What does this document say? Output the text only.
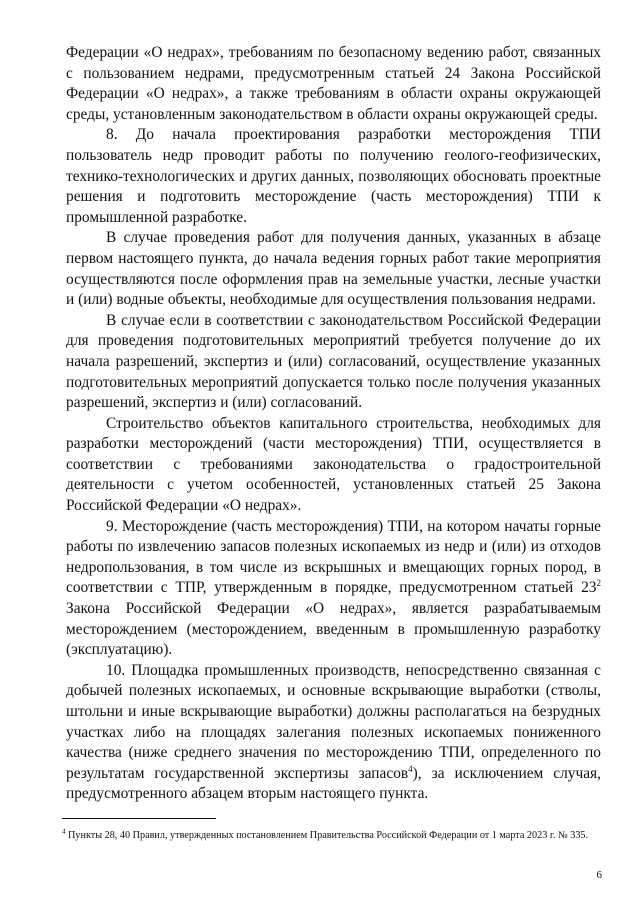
Федерации «О недрах», требованиям по безопасному ведению работ, связанных с пользованием недрами, предусмотренным статьей 24 Закона Российской Федерации «О недрах», а также требованиям в области охраны окружающей среды, установленным законодательством в области охраны окружающей среды.

8. До начала проектирования разработки месторождения ТПИ пользователь недр проводит работы по получению геолого-геофизических, технико-технологических и других данных, позволяющих обосновать проектные решения и подготовить месторождение (часть месторождения) ТПИ к промышленной разработке.

В случае проведения работ для получения данных, указанных в абзаце первом настоящего пункта, до начала ведения горных работ такие мероприятия осуществляются после оформления прав на земельные участки, лесные участки и (или) водные объекты, необходимые для осуществления пользования недрами.

В случае если в соответствии с законодательством Российской Федерации для проведения подготовительных мероприятий требуется получение до их начала разрешений, экспертиз и (или) согласований, осуществление указанных подготовительных мероприятий допускается только после получения указанных разрешений, экспертиз и (или) согласований.

Строительство объектов капитального строительства, необходимых для разработки месторождений (части месторождения) ТПИ, осуществляется в соответствии с требованиями законодательства о градостроительной деятельности с учетом особенностей, установленных статьей 25 Закона Российской Федерации «О недрах».

9. Месторождение (часть месторождения) ТПИ, на котором начаты горные работы по извлечению запасов полезных ископаемых из недр и (или) из отходов недропользования, в том числе из вскрышных и вмещающих горных пород, в соответствии с ТПР, утвержденным в порядке, предусмотренном статьей $23^2$ Закона Российской Федерации «О недрах», является разрабатываемым месторождением (месторождением, введенным в промышленную разработку (эксплуатацию).

10. Площадка промышленных производств, непосредственно связанная с добычей полезных ископаемых, и основные вскрывающие выработки (стволы, штольни и иные вскрывающие выработки) должны располагаться на безрудных участках либо на площадях залегания полезных ископаемых пониженного качества (ниже среднего значения по месторождению ТПИ, определенного по результатам государственной экспертизы запасов$^4$), за исключением случая, предусмотренного абзацем вторым настоящего пункта.

$^4$ Пункты 28, 40 Правил, утвержденных постановлением Правительства Российской Федерации от 1 марта 2023 г. № 335.
6
